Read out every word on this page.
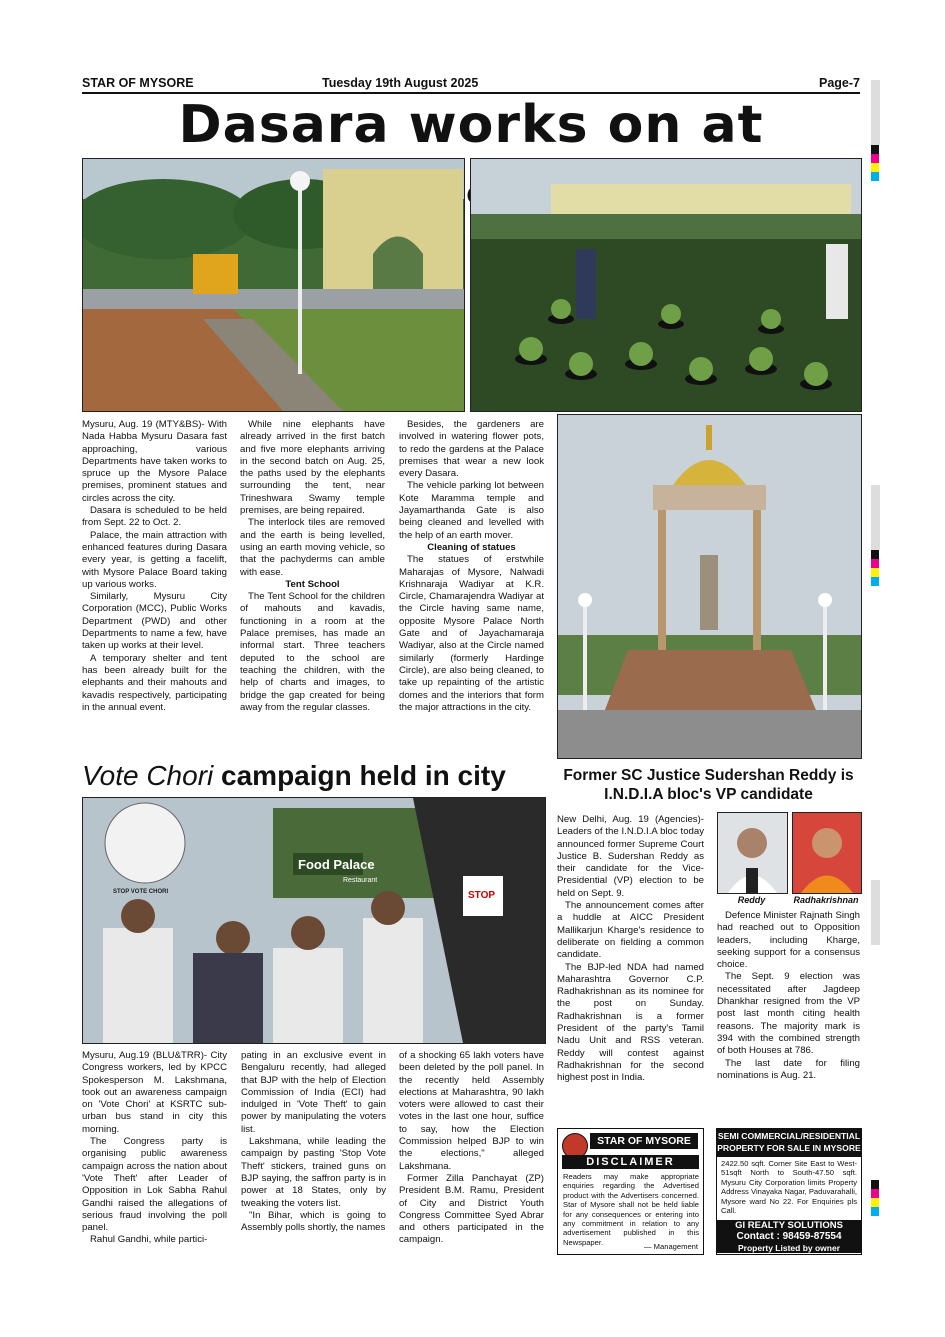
STAR OF MYSORE	Tuesday 19th August 2025	Page-7
Dasara works on at

Mysuru, Aug. 19 (MTY&BS)- With Nada Habba Mysuru Dasara fast approaching, various Departments have taken works to spruce up the Mysore Palace premises, prominent statues and circles across the city.

Dasara is scheduled to be held from Sept. 22 to Oct. 2.

Palace, the main attraction with enhanced features during Dasara every year, is getting a facelift, with Mysore Palace Board taking up various works.

Similarly, Mysuru City Corporation (MCC), Public Works Department (PWD) and other Departments to name a few, have taken up works at their level.

A temporary shelter and tent has been already built for the elephants and their mahouts and kavadis respectively, participating in the annual event.

While nine elephants have already arrived in the first batch and five more elephants arriving in the second batch on Aug. 25, the paths used by the elephants surrounding the tent, near Trineshwara Swamy temple premises, are being repaired.

The interlock tiles are removed and the earth is being levelled, using an earth moving vehicle, so that the pachyderms can amble with ease.

Tent School

The Tent School for the children of mahouts and kavadis, functioning in a room at the Palace premises, has made an informal start. Three teachers deputed to the school are teaching the children, with the help of charts and images, to bridge the gap created for being away from the regular classes.

Besides, the gardeners are involved in watering flower pots, to redo the gardens at the Palace premises that wear a new look every Dasara.

The vehicle parking lot between Kote Maramma temple and Jayamarthanda Gate is also being cleaned and levelled with the help of an earth mover.

Cleaning of statues

The statues of erstwhile Maharajas of Mysore, Nalwadi Krishnaraja Wadiyar at K.R. Circle, Chamarajendra Wadiyar at the Circle having same name, opposite Mysore Palace North Gate and of Jayachamaraja Wadiyar, also at the Circle named similarly (formerly Hardinge Circle), are also being cleaned, to take up repainting of the artistic domes and the interiors that form the major attractions in the city.

Vote Chori campaign held in city
Food Palace
Restaurant
STOP VOTE CHORI	STOP

Mysuru, Aug.19 (BLU&TRR)- City Congress workers, led by KPCC Spokesperson M. Lakshmana, took out an awareness campaign on 'Vote Chori' at KSRTC sub-urban bus stand in city this morning.

The Congress party is organising public awareness campaign across the nation about 'Vote Theft' after Leader of Opposition in Lok Sabha Rahul Gandhi raised the allegations of serious fraud involving the poll panel.

Rahul Gandhi, while partici-

pating in an exclusive event in Bengaluru recently, had alleged that BJP with the help of Election Commission of India (ECI) had indulged in 'Vote Theft' to gain power by manipulating the voters list.

Lakshmana, while leading the campaign by pasting 'Stop Vote Theft' stickers, trained guns on BJP saying, the saffron party is in power at 18 States, only by tweaking the voters list.

"In Bihar, which is going to Assembly polls shortly, the names

of a shocking 65 lakh voters have been deleted by the poll panel. In the recently held Assembly elections at Maharashtra, 90 lakh voters were allowed to cast their votes in the last one hour, suffice to say, how the Election Commission helped BJP to win the elections," alleged Lakshmana.

Former Zilla Panchayat (ZP) President B.M. Ramu, President of City and District Youth Congress Committee Syed Abrar and others participated in the campaign.

Former SC Justice Sudershan Reddy is I.N.D.I.A bloc's VP candidate

New Delhi, Aug. 19 (Agencies)- Leaders of the I.N.D.I.A bloc today announced former Supreme Court Justice B. Sudershan Reddy as their candidate for the Vice-Presidential (VP) election to be held on Sept. 9.

The announcement comes after a huddle at AICC President Mallikarjun Kharge's residence to deliberate on fielding a common candidate.

The BJP-led NDA had named Maharashtra Governor C.P. Radhakrishnan as its nominee for the post on Sunday. Radhakrishnan is a former President of the party's Tamil Nadu Unit and RSS veteran. Reddy will contest against Radhakrishnan for the second highest post in India.

Reddy	Radhakrishnan

Defence Minister Rajnath Singh had reached out to Opposition leaders, including Kharge, seeking support for a consensus choice.

The Sept. 9 election was necessitated after Jagdeep Dhankhar resigned from the VP post last month citing health reasons. The majority mark is 394 with the combined strength of both Houses at 786.

The last date for filing nominations is Aug. 21.

STAR OF MYSORE
DISCLAIMER
Readers may make appropriate enquiries regarding the Advertised product with the Advertisers concerned. Star of Mysore shall not be held liable for any consequences or entering into any commitment in relation to any advertisement published in this Newspaper.	— Management
SEMI COMMERCIAL/RESIDENTIAL PROPERTY FOR SALE IN MYSORE
2422.50 sqft. Corner Site East to West-51sqft North to South-47.50 sqft. Mysuru City Corporation limits Property Address Vinayaka Nagar, Paduvarahalli, Mysore ward No 22. For Enquiries pls Call.
GI REALTY SOLUTIONS
Contact : 98459-87554
Property Listed by owner
